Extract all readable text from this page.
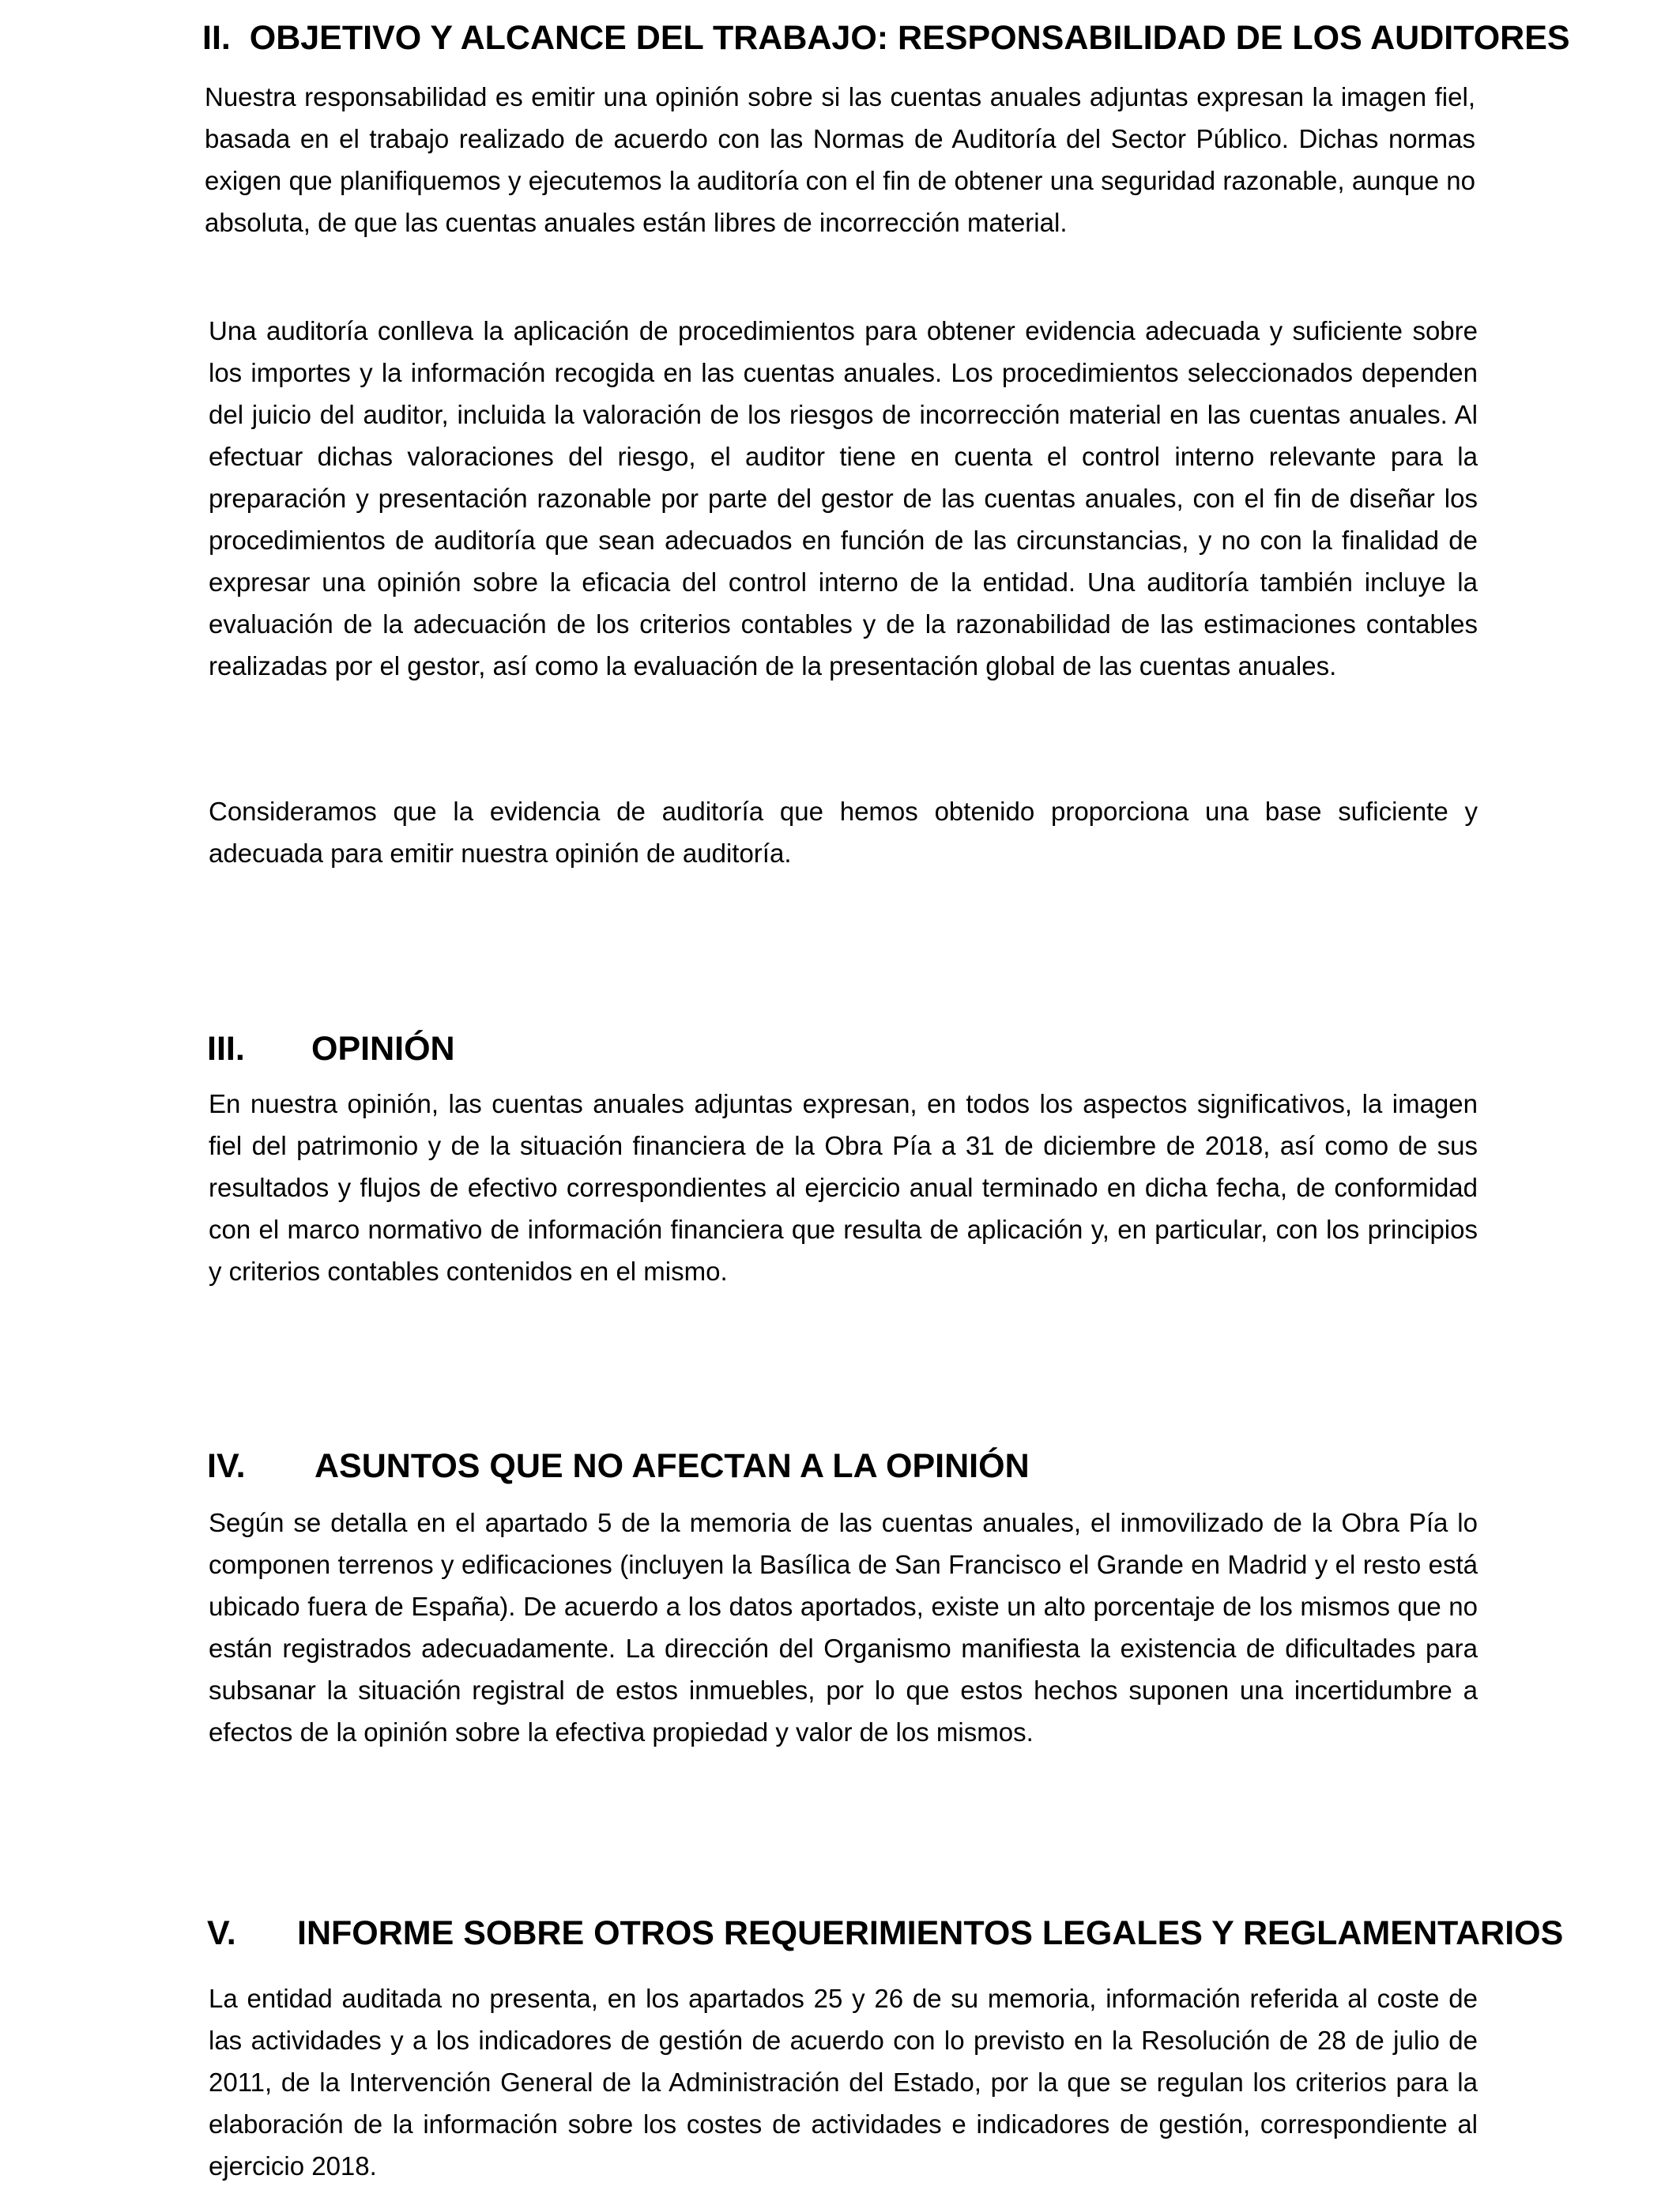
II. OBJETIVO Y ALCANCE DEL TRABAJO: RESPONSABILIDAD DE LOS AUDITORES

Nuestra responsabilidad es emitir una opinión sobre si las cuentas anuales adjuntas expresan la imagen fiel, basada en el trabajo realizado de acuerdo con las Normas de Auditoría del Sector Público. Dichas normas exigen que planifiquemos y ejecutemos la auditoría con el fin de obtener una seguridad razonable, aunque no absoluta, de que las cuentas anuales están libres de incorrección material.

Una auditoría conlleva la aplicación de procedimientos para obtener evidencia adecuada y suficiente sobre los importes y la información recogida en las cuentas anuales. Los procedimientos seleccionados dependen del juicio del auditor, incluida la valoración de los riesgos de incorrección material en las cuentas anuales. Al efectuar dichas valoraciones del riesgo, el auditor tiene en cuenta el control interno relevante para la preparación y presentación razonable por parte del gestor de las cuentas anuales, con el fin de diseñar los procedimientos de auditoría que sean adecuados en función de las circunstancias, y no con la finalidad de expresar una opinión sobre la eficacia del control interno de la entidad. Una auditoría también incluye la evaluación de la adecuación de los criterios contables y de la razonabilidad de las estimaciones contables realizadas por el gestor, así como la evaluación de la presentación global de las cuentas anuales.

Consideramos que la evidencia de auditoría que hemos obtenido proporciona una base suficiente y adecuada para emitir nuestra opinión de auditoría.

III. OPINIÓN

En nuestra opinión, las cuentas anuales adjuntas expresan, en todos los aspectos significativos, la imagen fiel del patrimonio y de la situación financiera de la Obra Pía a 31 de diciembre de 2018, así como de sus resultados y flujos de efectivo correspondientes al ejercicio anual terminado en dicha fecha, de conformidad con el marco normativo de información financiera que resulta de aplicación y, en particular, con los principios y criterios contables contenidos en el mismo.

IV. ASUNTOS QUE NO AFECTAN A LA OPINIÓN

Según se detalla en el apartado 5 de la memoria de las cuentas anuales, el inmovilizado de la Obra Pía lo componen terrenos y edificaciones (incluyen la Basílica de San Francisco el Grande en Madrid y el resto está ubicado fuera de España). De acuerdo a los datos aportados, existe un alto porcentaje de los mismos que no están registrados adecuadamente. La dirección del Organismo manifiesta la existencia de dificultades para subsanar la situación registral de estos inmuebles, por lo que estos hechos suponen una incertidumbre a efectos de la opinión sobre la efectiva propiedad y valor de los mismos.

V. INFORME SOBRE OTROS REQUERIMIENTOS LEGALES Y REGLAMENTARIOS

La entidad auditada no presenta, en los apartados 25 y 26 de su memoria, información referida al coste de las actividades y a los indicadores de gestión de acuerdo con lo previsto en la Resolución de 28 de julio de 2011, de la Intervención General de la Administración del Estado, por la que se regulan los criterios para la elaboración de la información sobre los costes de actividades e indicadores de gestión, correspondiente al ejercicio 2018.
